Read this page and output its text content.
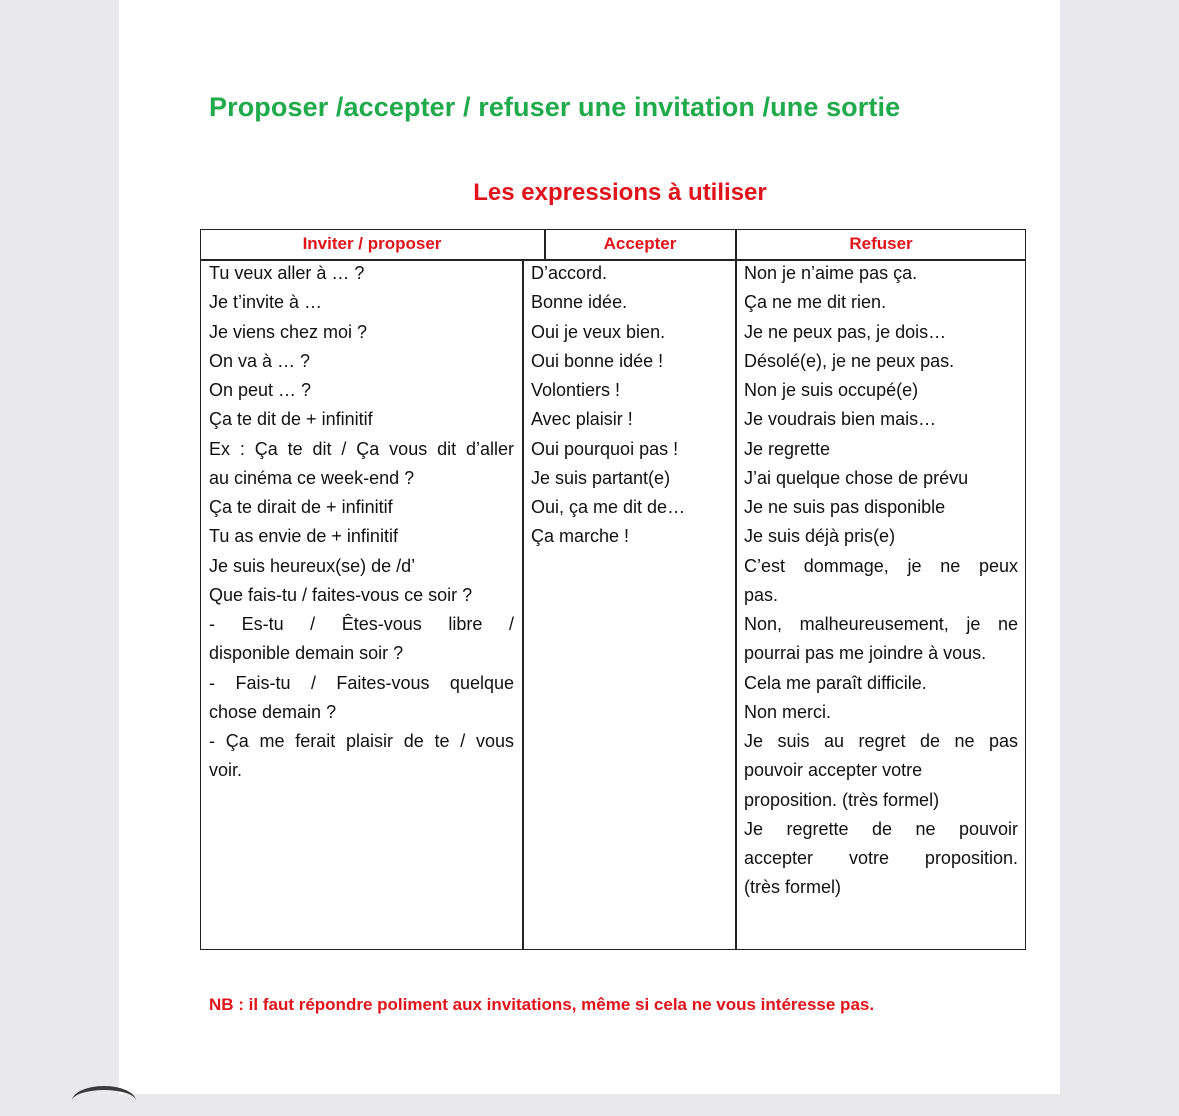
Proposer /accepter / refuser une invitation /une sortie
Les expressions à utiliser
Inviter / proposer	Accepter	Refuser
Tu veux aller à … ?
Je t’invite à …
Je viens chez moi ?
On va à … ?
On peut … ?
Ça te dit de + infinitif
Ex : Ça te dit / Ça vous dit d’aller
au cinéma ce week-end ?
Ça te dirait de + infinitif
Tu as envie de + infinitif
Je suis heureux(se) de /d’
Que fais-tu / faites-vous ce soir ?
- Es-tu / Êtes-vous libre /
disponible demain soir ?
- Fais-tu / Faites-vous quelque
chose demain ?
- Ça me ferait plaisir de te / vous
voir.
D’accord.
Bonne idée.
Oui je veux bien.
Oui bonne idée !
Volontiers !
Avec plaisir !
Oui pourquoi pas !
Je suis partant(e)
Oui, ça me dit de…
Ça marche !
Non je n’aime pas ça.
Ça ne me dit rien.
Je ne peux pas, je dois…
Désolé(e), je ne peux pas.
Non je suis occupé(e)
Je voudrais bien mais…
Je regrette
J’ai quelque chose de prévu
Je ne suis pas disponible
Je suis déjà pris(e)
C’est dommage, je ne peux
pas.
Non, malheureusement, je ne
pourrai pas me joindre à vous.
Cela me paraît difficile.
Non merci.
Je suis au regret de ne pas
pouvoir accepter votre
proposition. (très formel)
Je regrette de ne pouvoir
accepter votre proposition.
(très formel)

NB : il faut répondre poliment aux invitations, même si cela ne vous intéresse pas.
